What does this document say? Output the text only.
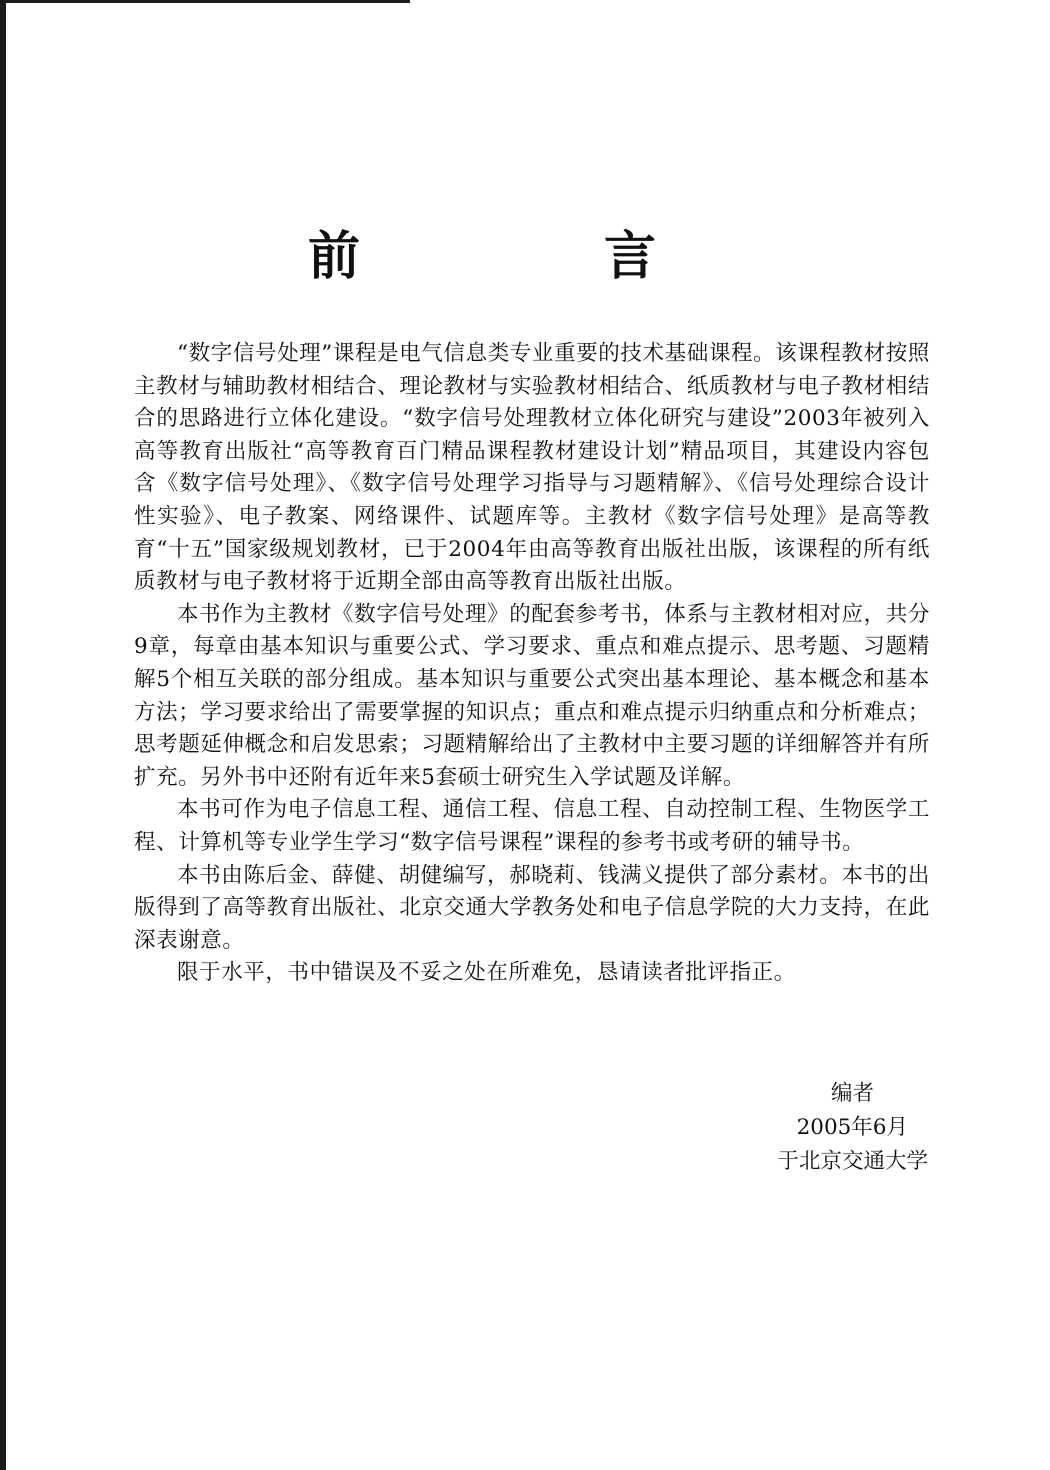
前　言

“数字信号处理”课程是电气信息类专业重要的技术基础课程。该课程教材按照主教材与辅助教材相结合、理论教材与实验教材相结合、纸质教材与电子教材相结合的思路进行立体化建设。“数字信号处理教材立体化研究与建设”2003年被列入高等教育出版社“高等教育百门精品课程教材建设计划”精品项目，其建设内容包含《数字信号处理》、《数字信号处理学习指导与习题精解》、《信号处理综合设计性实验》、电子教案、网络课件、试题库等。主教材《数字信号处理》是高等教育“十五”国家级规划教材，已于2004年由高等教育出版社出版，该课程的所有纸质教材与电子教材将于近期全部由高等教育出版社出版。

本书作为主教材《数字信号处理》的配套参考书，体系与主教材相对应，共分9章，每章由基本知识与重要公式、学习要求、重点和难点提示、思考题、习题精解5个相互关联的部分组成。基本知识与重要公式突出基本理论、基本概念和基本方法；学习要求给出了需要掌握的知识点；重点和难点提示归纳重点和分析难点；思考题延伸概念和启发思索；习题精解给出了主教材中主要习题的详细解答并有所扩充。另外书中还附有近年来5套硕士研究生入学试题及详解。

本书可作为电子信息工程、通信工程、信息工程、自动控制工程、生物医学工程、计算机等专业学生学习“数字信号课程”课程的参考书或考研的辅导书。

本书由陈后金、薛健、胡健编写，郝晓莉、钱满义提供了部分素材。本书的出版得到了高等教育出版社、北京交通大学教务处和电子信息学院的大力支持，在此深表谢意。

限于水平，书中错误及不妥之处在所难免，恳请读者批评指正。

编者
2005年6月
于北京交通大学
